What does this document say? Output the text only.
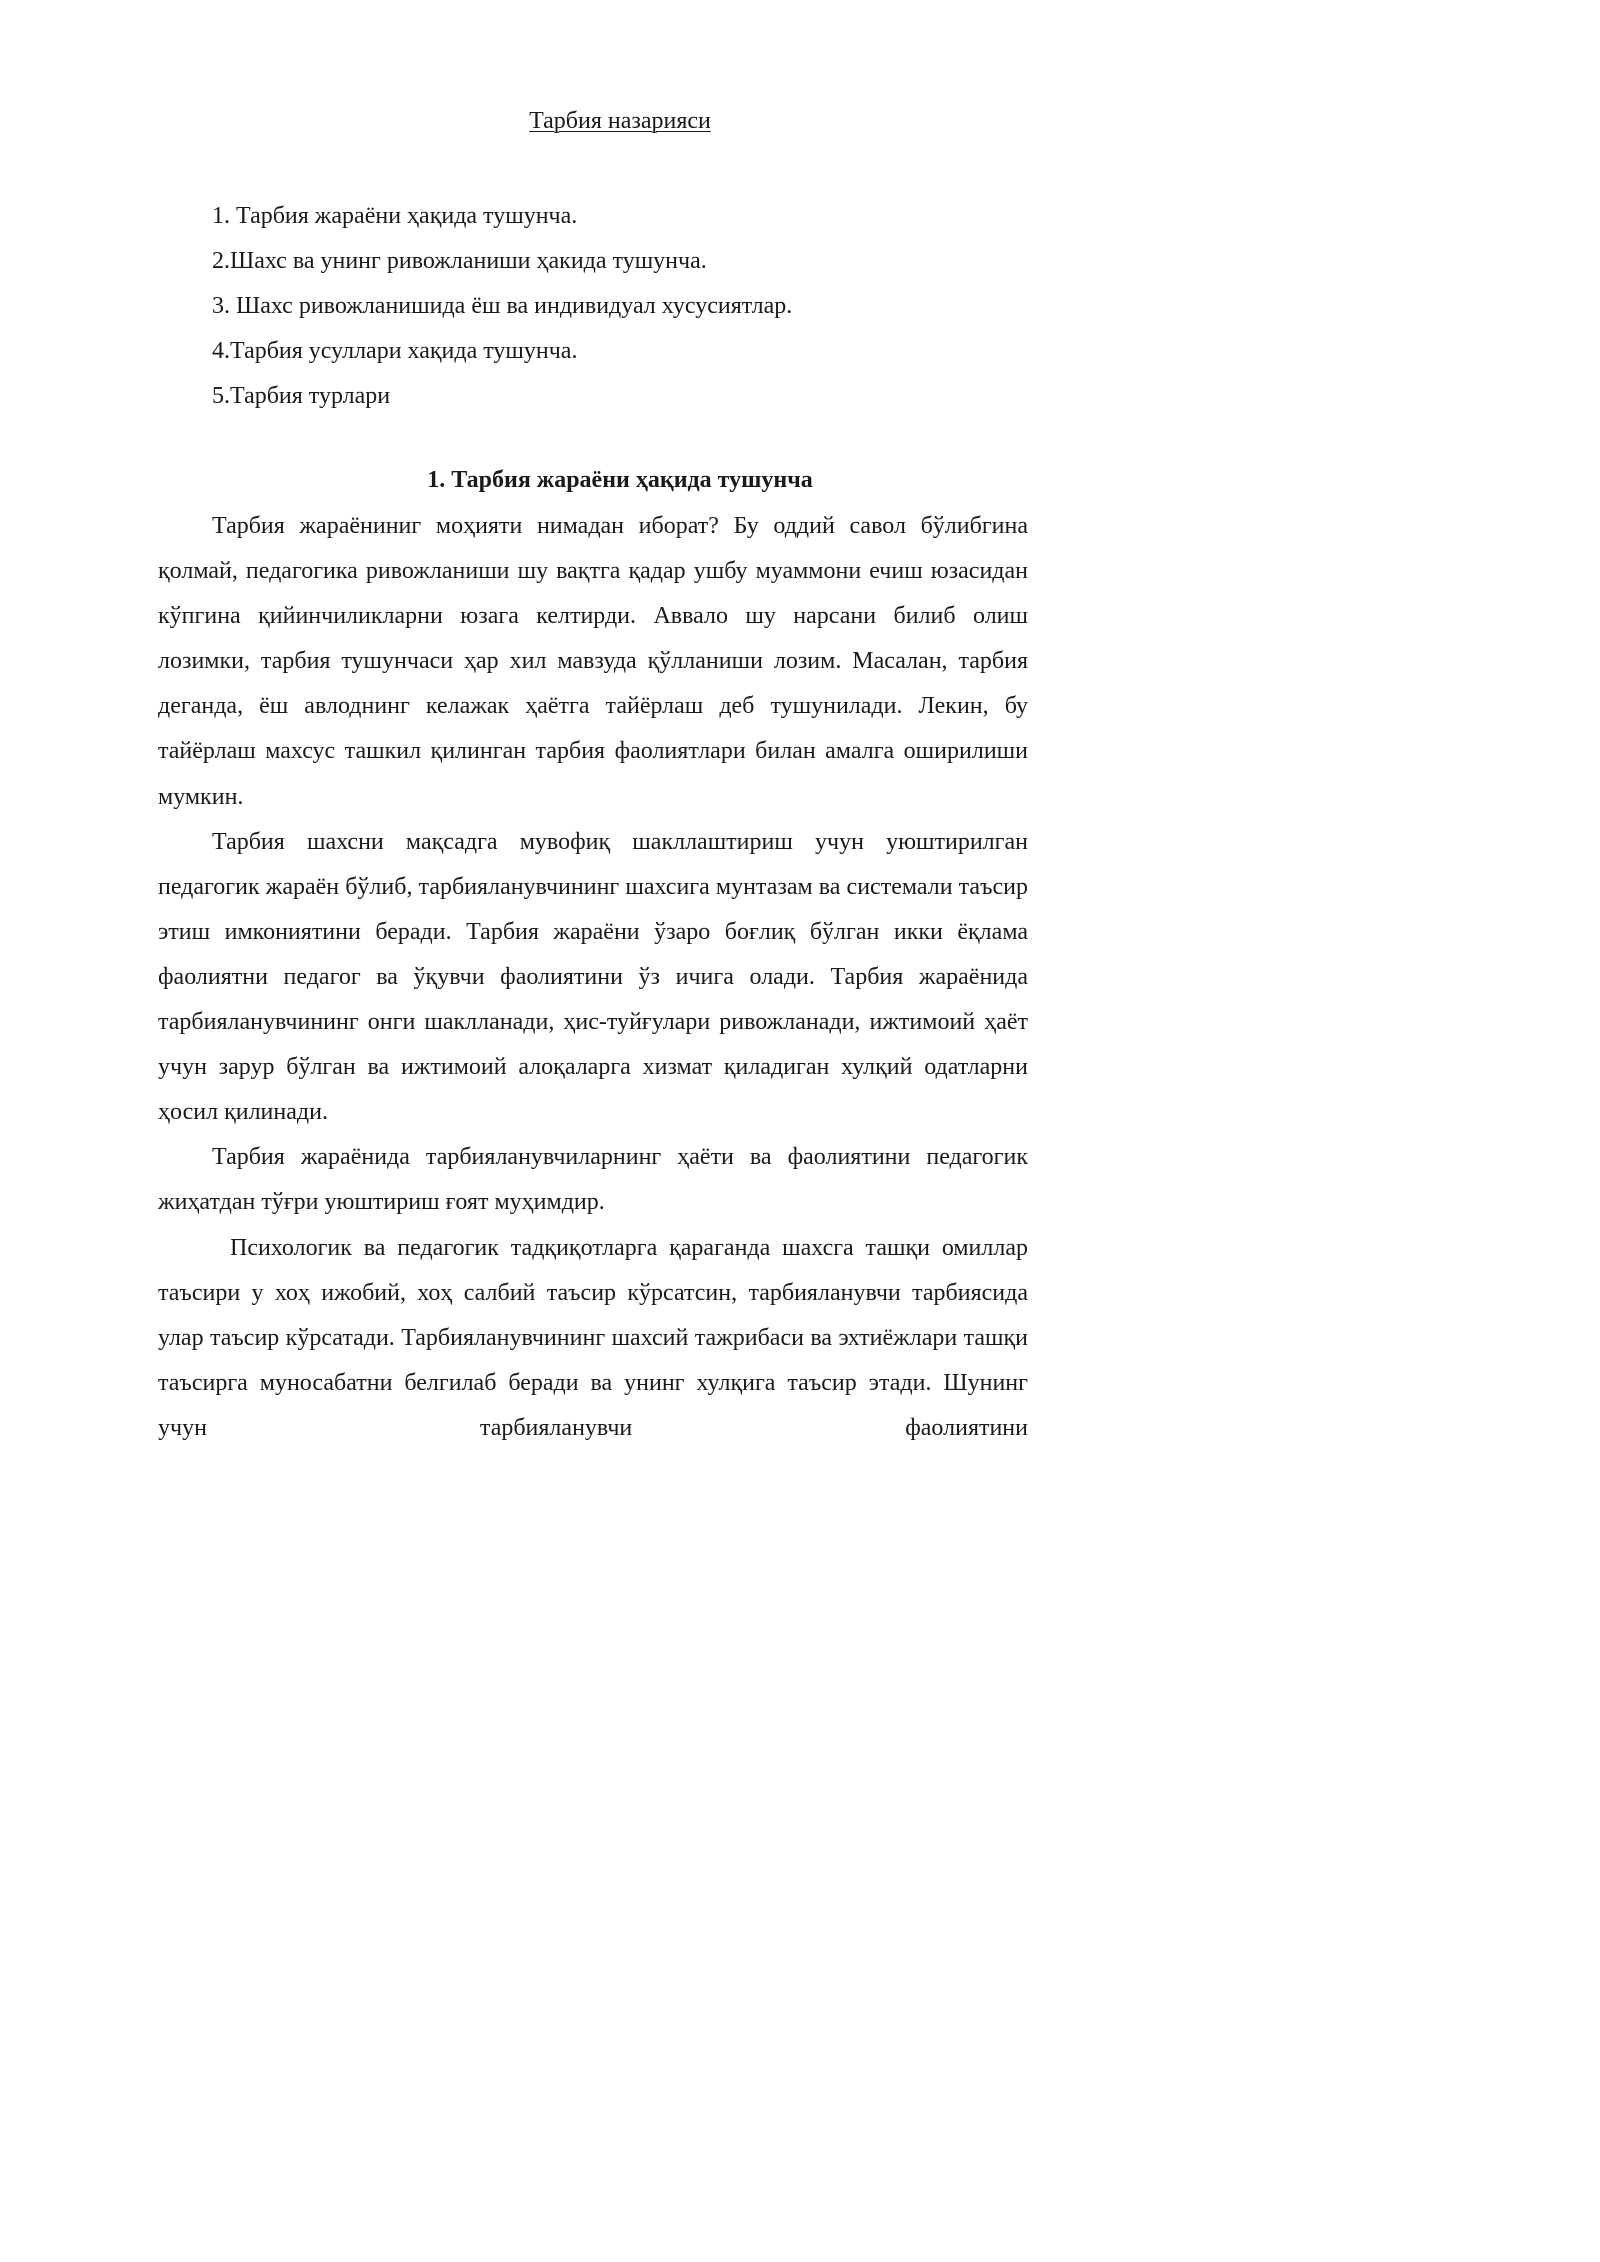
Тарбия назарияси
1. Тарбия жараёни ҳақида тушунча.
2.Шахс ва унинг ривожланиши ҳакида тушунча.
3. Шахс ривожланишида ёш ва индивидуал хусусиятлар.
4.Тарбия усуллари хақида тушунча.
5.Тарбия турлари
1. Тарбия жараёни ҳақида тушунча

Тарбия жараёниниг моҳияти нимадан иборат? Бу оддий савол бўлибгина қолмай, педагогика ривожланиши шу вақтга қадар ушбу муаммони ечиш юзасидан кўпгина қийинчиликларни юзага келтирди. Аввало шу нарсани билиб олиш лозимки, тарбия тушунчаси ҳар хил мавзуда қўлланиши лозим. Масалан, тарбия деганда, ёш авлоднинг келажак ҳаётга тайёрлаш деб тушунилади. Лекин, бу тайёрлаш махсус ташкил қилинган тарбия фаолиятлари билан амалга оширилиши мумкин.

Тарбия шахсни мақсадга мувофиқ шакллаштириш учун уюштирилган педагогик жараён бўлиб, тарбияланувчининг шахсига мунтазам ва системали таъсир этиш имкониятини беради. Тарбия жараёни ўзаро боғлиқ бўлган икки ёқлама фаолиятни педагог ва ўқувчи фаолиятини ўз ичига олади. Тарбия жараёнида тарбияланувчининг онги шаклланади, ҳис-туйғулари ривожланади, ижтимоий ҳаёт учун зарур бўлган ва ижтимоий алоқаларга хизмат қиладиган хулқий одатларни ҳосил қилинади.

Тарбия жараёнида тарбияланувчиларнинг ҳаёти ва фаолиятини педагогик жиҳатдан тўғри уюштириш ғоят муҳимдир.

Психологик ва педагогик тадқиқотларга қараганда шахсга ташқи омиллар таъсири у хоҳ ижобий, хоҳ салбий таъсир кўрсатсин, тарбияланувчи тарбиясида улар таъсир кўрсатади. Тарбияланувчининг шахсий тажрибаси ва эхтиёжлари ташқи таъсирга муносабатни белгилаб беради ва унинг хулқига таъсир этади. Шунинг учун тарбияланувчи фаолиятини
